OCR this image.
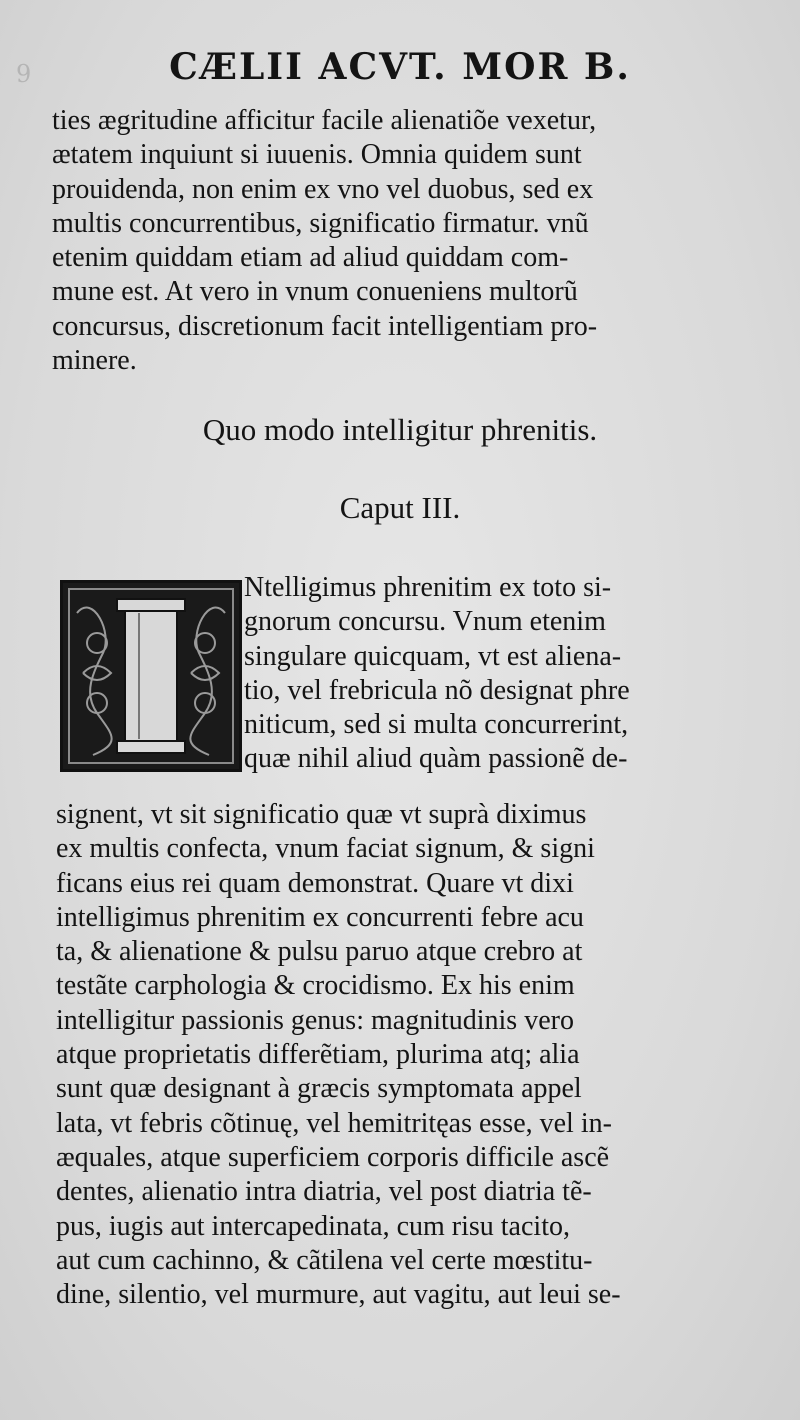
9	CÆLII ACVT. MOR B.
ties ægritudine afficitur facile alienatiõe vexetur,
ætatem inquiunt si iuuenis. Omnia quidem sunt
prouidenda, non enim ex vno vel duobus, sed ex
multis concurrentibus, significatio firmatur. vnũ
etenim quiddam etiam ad aliud quiddam com-
mune est. At vero in vnum conueniens multorũ
concursus, discretionum facit intelligentiam pro-
minere.
Quo modo intelligitur phrenitis.
Caput III.
Ntelligimus phrenitim ex toto si-
gnorum concursu. Vnum etenim
singulare quicquam, vt est aliena-
tio, vel frebricula nõ designat phre
niticum, sed si multa concurrerint,
quæ nihil aliud quàm passionẽ de-
signent, vt sit significatio quæ vt suprà diximus
ex multis confecta, vnum faciat signum, & signi
ficans eius rei quam demonstrat. Quare vt dixi
intelligimus phrenitim ex concurrenti febre acu
ta, & alienatione & pulsu paruo atque crebro at
testãte carphologia & crocidismo. Ex his enim
intelligitur passionis genus: magnitudinis vero
atque proprietatis differẽtiam, plurima atq; alia
sunt quæ designant à græcis symptomata appel
lata, vt febris cõtinuę, vel hemitritęas esse, vel in-
æquales, atque superficiem corporis difficile ascẽ
dentes, alienatio intra diatria, vel post diatria tẽ-
pus, iugis aut intercapedinata, cum risu tacito,
aut cum cachinno, & cãtilena vel certe mœstitu-
dine, silentio, vel murmure, aut vagitu, aut leui se-
